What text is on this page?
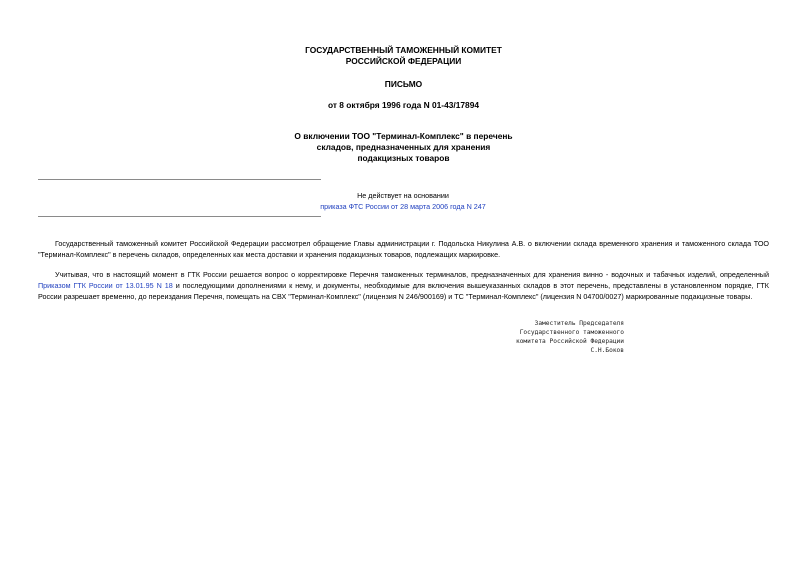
ГОСУДАРСТВЕННЫЙ ТАМОЖЕННЫЙ КОМИТЕТ
РОССИЙСКОЙ ФЕДЕРАЦИИ
ПИСЬМО
от 8 октября 1996 года N 01-43/17894
О включении ТОО "Терминал-Комплекс" в перечень
складов, предназначенных для хранения
подакцизных товаров
Не действует на основании
приказа ФТС России от 28 марта 2006 года N 247
Государственный таможенный комитет Российской Федерации рассмотрел обращение Главы администрации г. Подольска Никулина А.В. о включении склада временного хранения и таможенного склада ТОО "Терминал-Комплекс" в перечень складов, определенных как места доставки и хранения подакцизных товаров, подлежащих маркировке.
Учитывая, что в настоящий момент в ГТК России решается вопрос о корректировке Перечня таможенных терминалов, предназначенных для хранения винно - водочных и табачных изделий, определенный Приказом ГТК России от 13.01.95 N 18 и последующими дополнениями к нему, и документы, необходимые для включения вышеуказанных складов в этот перечень, представлены в установленном порядке, ГТК России разрешает временно, до переиздания Перечня, помещать на СВХ "Терминал-Комплекс" (лицензия N 246/900169) и ТС "Терминал-Комплекс" (лицензия N 04700/0027) маркированные подакцизные товары.
Заместитель Председателя
Государственного таможенного
комитета Российской Федерации
С.Н.Боков
